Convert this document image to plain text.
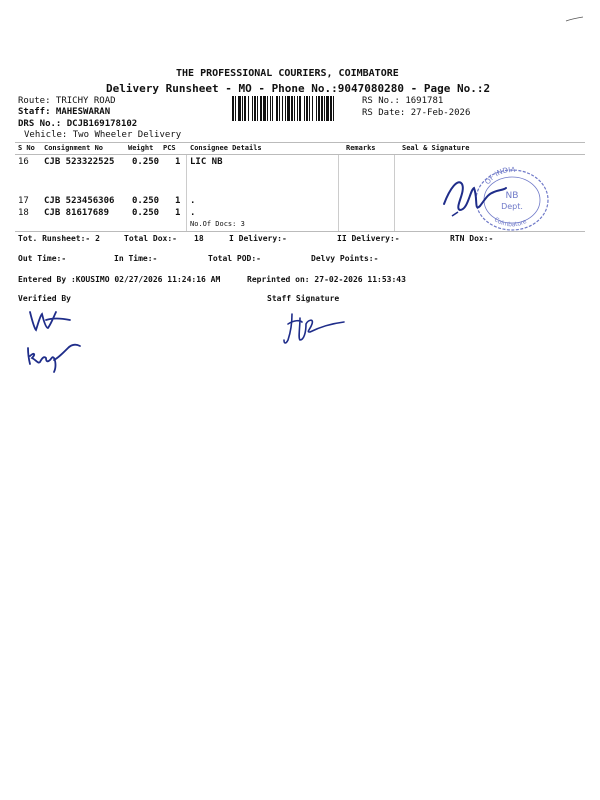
THE PROFESSIONAL COURIERS, COIMBATORE
Delivery Runsheet - MO - Phone No.:9047080280 - Page No.:2
Route: TRICHY ROAD
Staff: MAHESWARAN
DRS No.: DCJB169178102
Vehicle: Two Wheeler Delivery
RS No.: 1691781
RS Date: 27-Feb-2026
S No Consignment No	Weight PCS Consignee Details	Remarks	Seal & Signature
16 CJB 523322525 0.250 1 LIC NB
17 CJB 523456306 0.250 1 .
18 CJB 81617689	0.250 1 .
No.Of Docs: 3
OF INDIA
Coimbatore
NB
Dept.
Tot. Runsheet:- 2	Total Dox:- 18	I Delivery:-	II Delivery:-	RTN Dox:-
Out Time:-	In Time:-	Total POD:-	Delvy Points:-
Entered By :KOUSIMO 02/27/2026 11:24:16 AM	Reprinted on: 27-02-2026 11:53:43
Verified By	Staff Signature
